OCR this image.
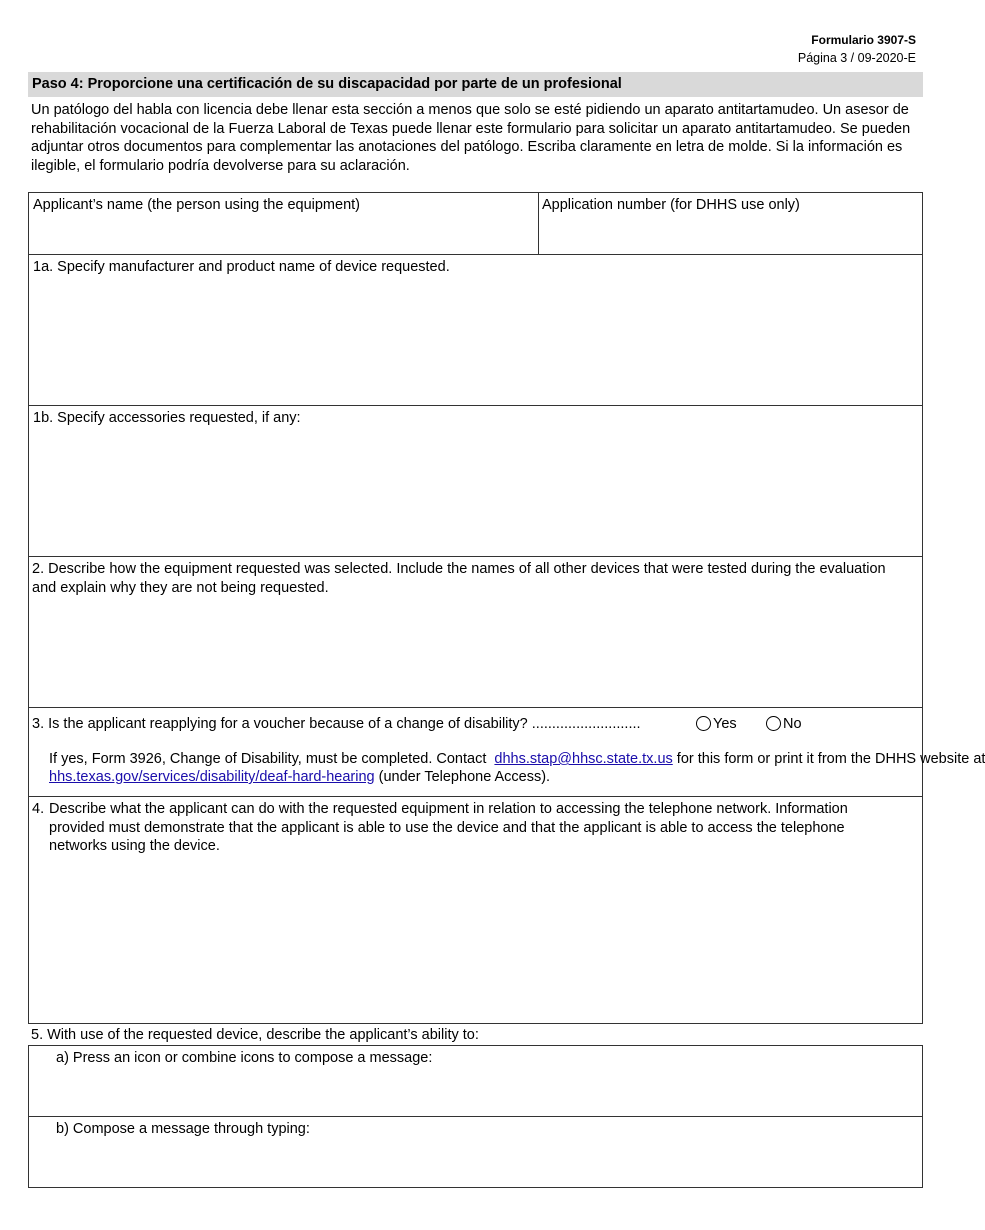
Formulario 3907-S
Página 3 / 09-2020-E
Paso 4: Proporcione una certificación de su discapacidad por parte de un profesional
Un patólogo del habla con licencia debe llenar esta sección a menos que solo se esté pidiendo un aparato antitartamudeo. Un asesor de rehabilitación vocacional de la Fuerza Laboral de Texas puede llenar este formulario para solicitar un aparato antitartamudeo. Se pueden adjuntar otros documentos para complementar las anotaciones del patólogo. Escriba claramente en letra de molde. Si la información es ilegible, el formulario podría devolverse para su aclaración.
Applicant’s name (the person using the equipment)	Application number (for DHHS use only)
1a. Specify manufacturer and product name of device requested.
1b. Specify accessories requested, if any:
2. Describe how the equipment requested was selected. Include the names of all other devices that were tested during the evaluation and explain why they are not being requested.
3. Is the applicant reapplying for a voucher because of a change of disability? ...........................	Yes	No
If yes, Form 3926, Change of Disability, must be completed. Contact dhhs.stap@hhsc.state.tx.us for this form or print it from the DHHS website at
hhs.texas.gov/services/disability/deaf-hard-hearing (under Telephone Access).
4. Describe what the applicant can do with the requested equipment in relation to accessing the telephone network. Information provided must demonstrate that the applicant is able to use the device and that the applicant is able to access the telephone networks using the device.
5. With use of the requested device, describe the applicant’s ability to:
a) Press an icon or combine icons to compose a message:
b) Compose a message through typing:
